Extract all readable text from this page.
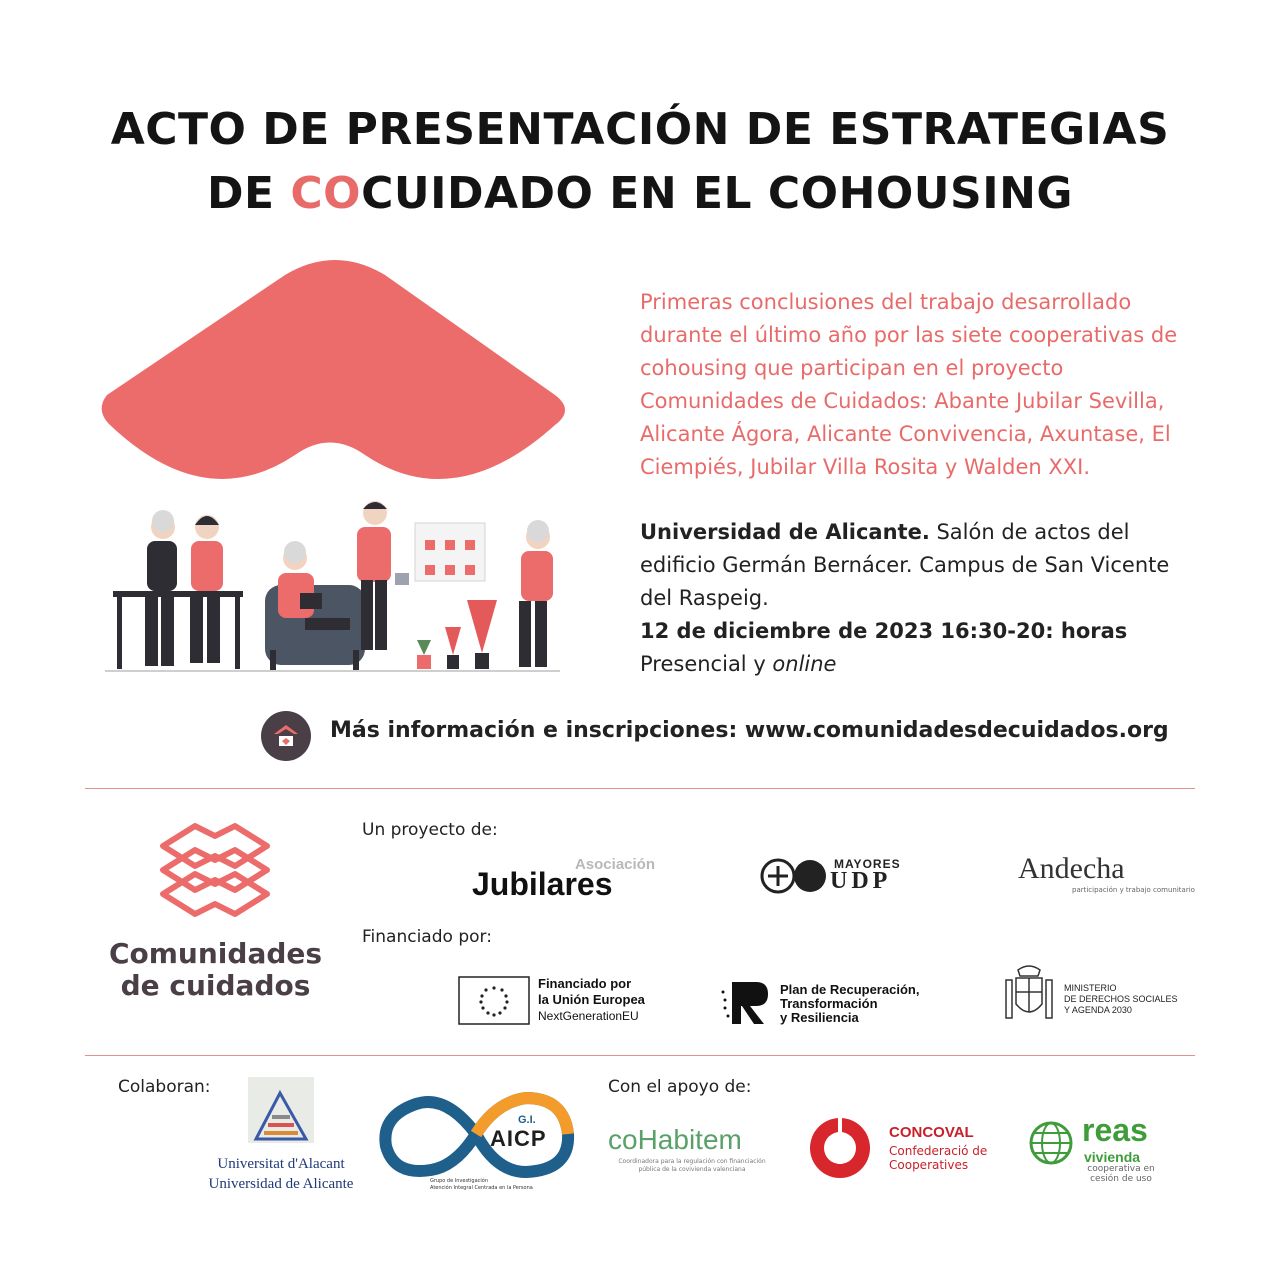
ACTO DE PRESENTACIÓN DE ESTRATEGIAS
DE COCUIDADO EN EL COHOUSING
Primeras conclusiones del trabajo desarrollado durante el último año por las siete cooperativas de cohousing que participan en el proyecto Comunidades de Cuidados: Abante Jubilar Sevilla, Alicante Ágora, Alicante Convivencia, Axuntase, El Ciempiés, Jubilar Villa Rosita y Walden XXI.
Universidad de Alicante. Salón de actos del edificio Germán Bernácer. Campus de San Vicente del Raspeig.
12 de diciembre de 2023 16:30-20: horas
Presencial y online
Más información e inscripciones: www.comunidadesdecuidados.org
Comunidades
de cuidados
Un proyecto de:
Asociación
Jubilares
MAYORES
UDP	Andecha
participación y trabajo comunitario
Financiado por:
Financiado por
la Unión Europea
NextGenerationEU
Plan de Recuperación,
Transformación
y Resiliencia
MINISTERIO
DE DERECHOS SOCIALES
Y AGENDA 2030
Colaboran:
Universitat d'Alacant
Universidad de Alicante
G.I.
AICP
Grupo de Investigación
Atención Integral Centrada en la Persona
Con el apoyo de:
coHabitem
Coordinadora para la regulación con financiación
pública de la covivienda valenciana
CONCOVAL
Confederació de
Cooperatives
reas
vivienda
cooperativa en
cesión de uso
